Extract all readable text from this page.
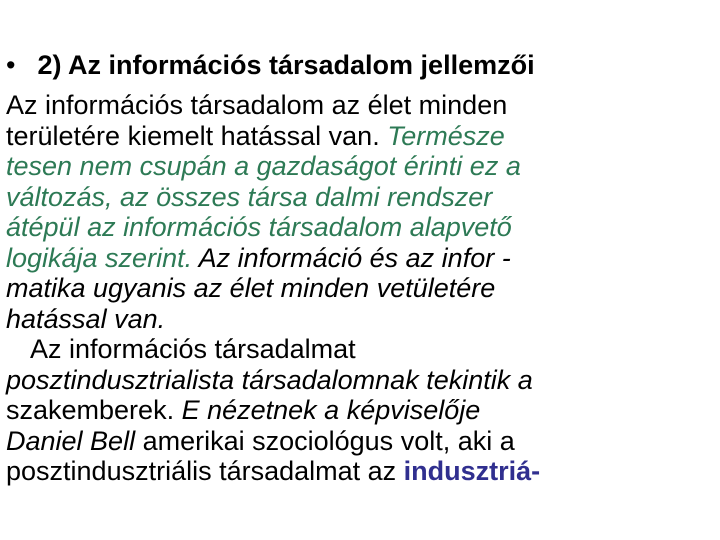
• 2) Az információs társadalom jellemzői
Az információs társadalom az élet minden
területére kiemelt hatással van. Természe
tesen nem csupán a gazdaságot érinti ez a
változás, az összes társa dalmi rendszer
átépül az információs társadalom alapvető
logikája szerint. Az információ és az infor -
matika ugyanis az élet minden vetületére
hatással van.
Az információs társadalmat
posztindusztrialista társadalomnak tekintik a
szakemberek. E nézetnek a képviselője
Daniel Bell amerikai szociológus volt, aki a
posztindusztriális társadalmat az indusztriá-
